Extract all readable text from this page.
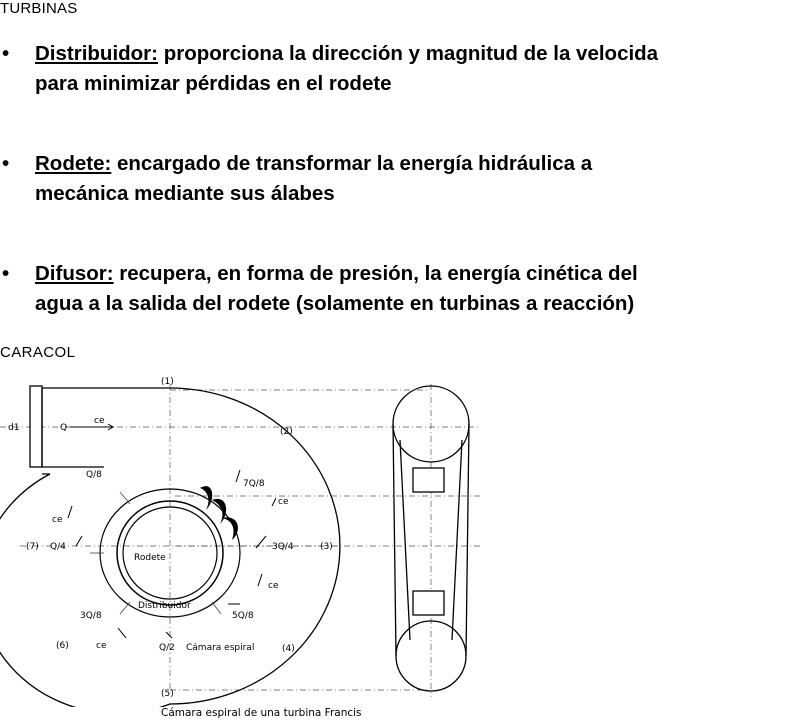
TURBINAS
• Distribuidor: proporciona la dirección y magnitud de la velocida
para minimizar pérdidas en el rodete
• Rodete: encargado de transformar la energía hidráulica a
mecánica mediante sus álabes
• Difusor: recupera, en forma de presión, la energía cinética del
agua a la salida del rodete (solamente en turbinas a reacción)
CARACOL
(1)
(2)
(3)
(4)
(5)
(6)
(7)
d1	Q
ce
Q/8
7Q/8
ce
ce
Q/4	3Q/4
ce
Rodete
Distribuidor
5Q/8
3Q/8
ce	Q/2 Cámara espiral
Cámara espiral de una turbina Francis
